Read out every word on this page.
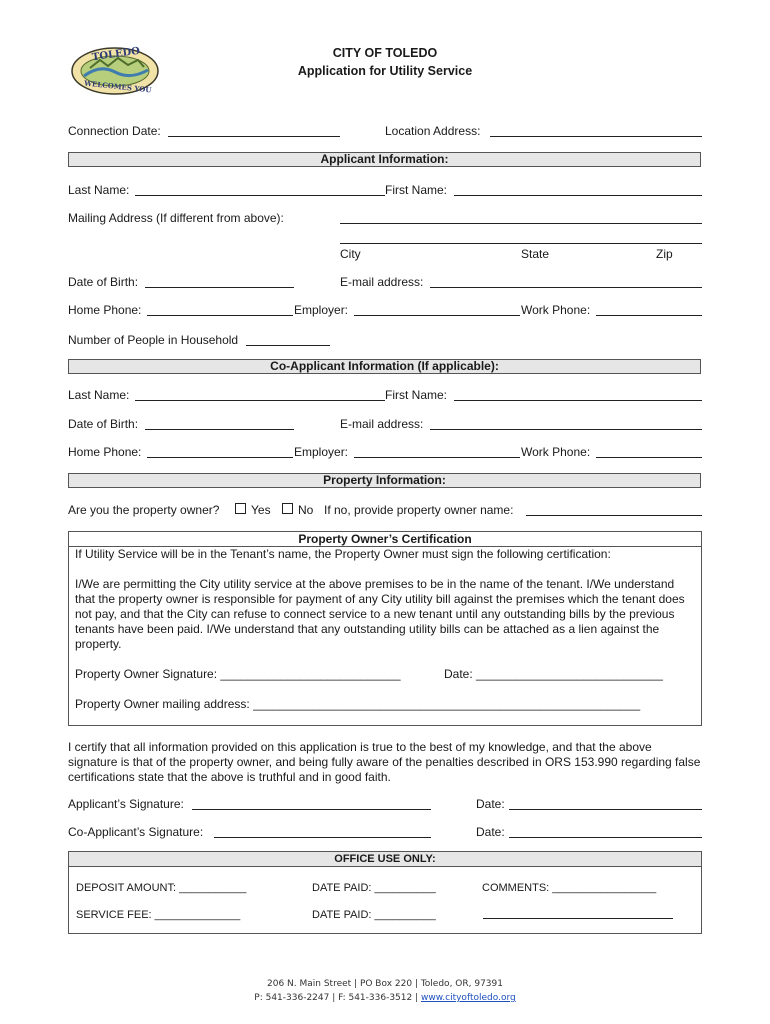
TOLEDO
WELCOMES YOU
CITY OF TOLEDO
Application for Utility Service
Connection Date:	Location Address:
Applicant Information:
Last Name:	First Name:
Mailing Address (If different from above):
City	State	Zip
Date of Birth:	E-mail address:
Home Phone:	Employer:	Work Phone:
Number of People in Household
Co-Applicant Information (If applicable):
Last Name:	First Name:
Date of Birth:	E-mail address:
Home Phone:	Employer:	Work Phone:
Property Information:
Are you the property owner?	Yes No If no, provide property owner name:
Property Owner’s Certification
If Utility Service will be in the Tenant’s name, the Property Owner must sign the following certification:
I/We are permitting the City utility service at the above premises to be in the name of the tenant. I/We understand that the property owner is responsible for payment of any City utility bill against the premises which the tenant does not pay, and that the City can refuse to connect service to a new tenant until any outstanding bills by the previous tenants have been paid. I/We understand that any outstanding utility bills can be attached as a lien against the property.
Property Owner Signature: ___________________________	Date: ____________________________
Property Owner mailing address: __________________________________________________________
I certify that all information provided on this application is true to the best of my knowledge, and that the above signature is that of the property owner, and being fully aware of the penalties described in ORS 153.990 regarding false certifications state that the above is truthful and in good faith.
Applicant’s Signature:	Date:
Co-Applicant’s Signature:	Date:
OFFICE USE ONLY:
DEPOSIT AMOUNT: ___________	DATE PAID: __________	COMMENTS: _________________
SERVICE FEE: ______________	DATE PAID: __________
206 N. Main Street | PO Box 220 | Toledo, OR, 97391
P: 541-336-2247 | F: 541-336-3512 | www.cityoftoledo.org
